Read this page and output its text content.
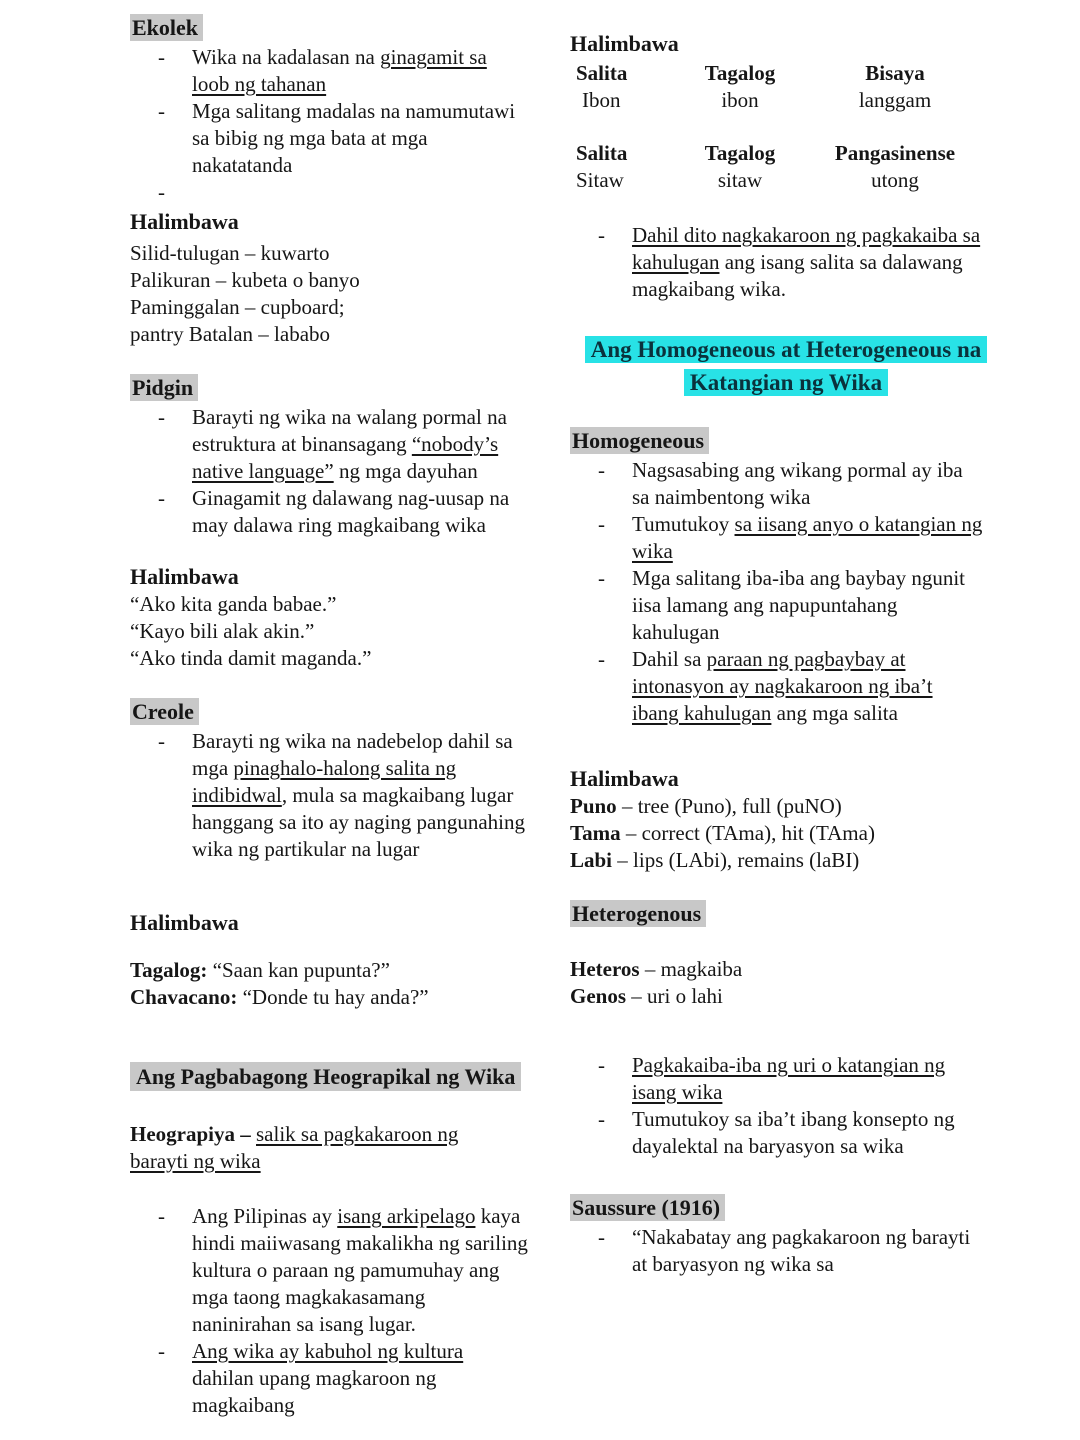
Ekolek
-
Wika na kadalasan na ginagamit sa loob ng tahanan
-
Mga salitang madalas na namumutawi sa bibig ng mga bata at mga nakatatanda
-
Halimbawa
Silid-tulugan – kuwarto
Palikuran – kubeta o banyo
Paminggalan – cupboard;
pantry Batalan – lababo
Pidgin
-
Barayti ng wika na walang pormal na estruktura at binansagang “nobody’s native language” ng mga dayuhan
-
Ginagamit ng dalawang nag-uusap na may dalawa ring magkaibang wika
Halimbawa
“Ako kita ganda babae.”
“Kayo bili alak akin.”
“Ako tinda damit maganda.”
Creole
-
Barayti ng wika na nadebelop dahil sa mga pinaghalo-halong salita ng indibidwal, mula sa magkaibang lugar hanggang sa ito ay naging pangunahing wika ng partikular na lugar
Halimbawa
Tagalog: “Saan kan pupunta?”
Chavacano: “Donde tu hay anda?”
Ang Pagbabagong Heograpikal ng Wika
Heograpiya – salik sa pagkakaroon ng barayti ng wika
-
Ang Pilipinas ay isang arkipelago kaya hindi maiiwasang makalikha ng sariling kultura o paraan ng pamumuhay ang mga taong magkakasamang naninirahan sa isang lugar.
-
Ang wika ay kabuhol ng kultura dahilan upang magkaroon ng magkaibang
Halimbawa
Salita	Tagalog	Bisaya
Ibon	ibon	langgam
Salita	Tagalog	Pangasinense
Sitaw	sitaw	utong
-
Dahil dito nagkakaroon ng pagkakaiba sa kahulugan ang isang salita sa dalawang magkaibang wika.
Ang Homogeneous at Heterogeneous na Katangian ng Wika
Homogeneous
-
Nagsasabing ang wikang pormal ay iba sa naimbentong wika
-
Tumutukoy sa iisang anyo o katangian ng wika
-
Mga salitang iba-iba ang baybay ngunit iisa lamang ang napupuntahang kahulugan
-
Dahil sa paraan ng pagbaybay at intonasyon ay nagkakaroon ng iba’t ibang kahulugan ang mga salita
Halimbawa
Puno – tree (Puno), full (puNO)
Tama – correct (TAma), hit (TAma)
Labi – lips (LAbi), remains (laBI)
Heterogenous
Heteros – magkaiba
Genos – uri o lahi
-
Pagkakaiba-iba ng uri o katangian ng isang wika
-
Tumutukoy sa iba’t ibang konsepto ng dayalektal na baryasyon sa wika
Saussure (1916)
-
“Nakabatay ang pagkakaroon ng barayti at baryasyon ng wika sa
